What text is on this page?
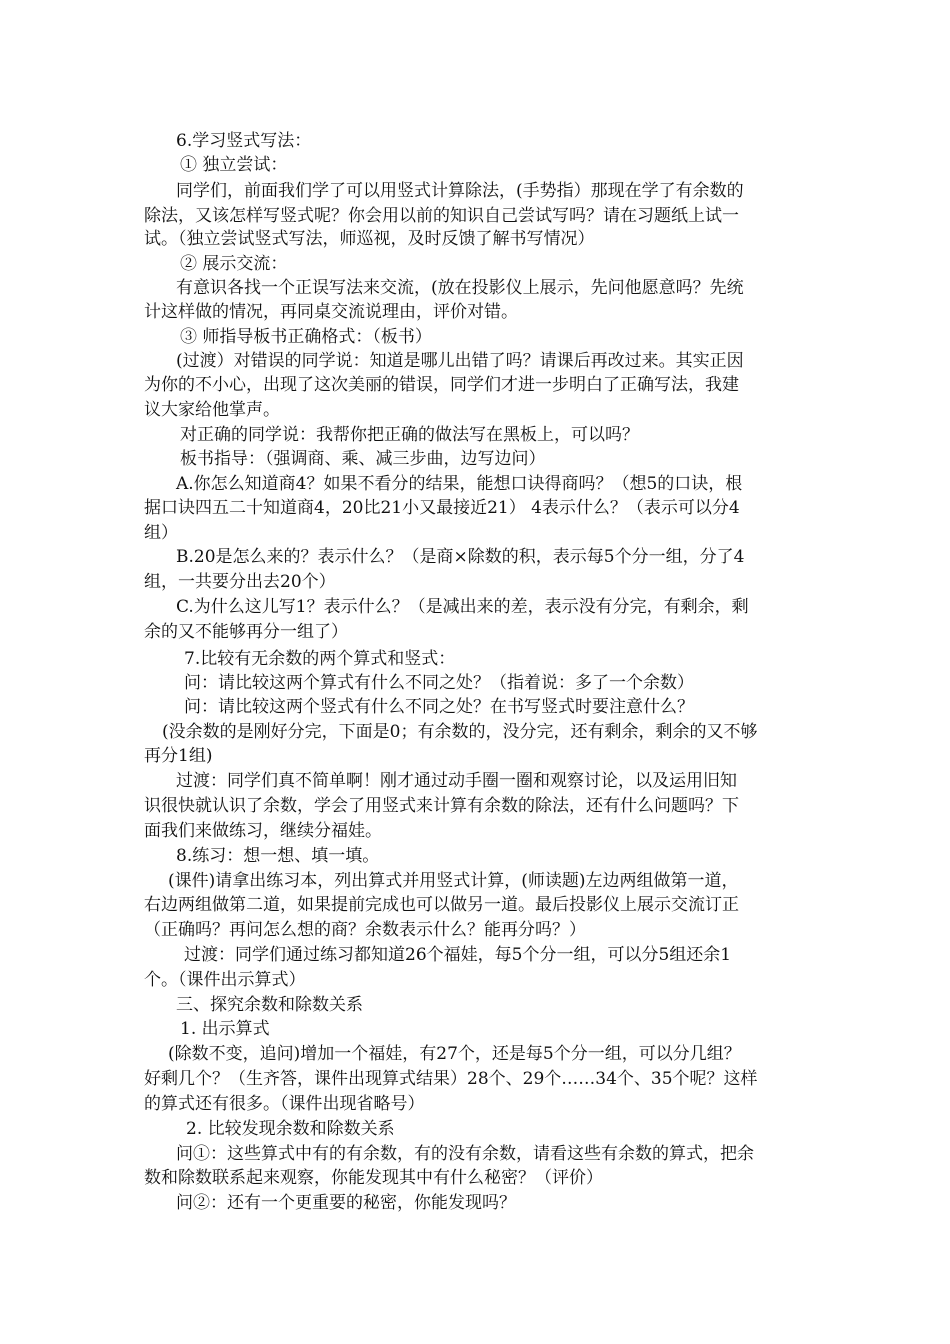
6.学习竖式写法：
① 独立尝试：
同学们，前面我们学了可以用竖式计算除法，(手势指）那现在学了有余数的
除法，又该怎样写竖式呢？你会用以前的知识自己尝试写吗？请在习题纸上试一
试。（独立尝试竖式写法，师巡视，及时反馈了解书写情况）
② 展示交流：
有意识各找一个正误写法来交流，(放在投影仪上展示，先问他愿意吗？先统
计这样做的情况，再同桌交流说理由，评价对错。
③ 师指导板书正确格式：（板书）
(过渡）对错误的同学说：知道是哪儿出错了吗？请课后再改过来。其实正因
为你的不小心，出现了这次美丽的错误，同学们才进一步明白了正确写法，我建
议大家给他掌声。
对正确的同学说：我帮你把正确的做法写在黑板上，可以吗？
板书指导：（强调商、乘、减三步曲，边写边问）
A.你怎么知道商4？如果不看分的结果，能想口诀得商吗？（想5的口诀，根
据口诀四五二十知道商4，20比21小又最接近21） 4表示什么？（表示可以分4
组）
B.20是怎么来的？表示什么？（是商×除数的积，表示每5个分一组，分了4
组，一共要分出去20个）
C.为什么这儿写1？表示什么？（是减出来的差，表示没有分完，有剩余，剩
余的又不能够再分一组了）
7.比较有无余数的两个算式和竖式：
问：请比较这两个算式有什么不同之处？（指着说：多了一个余数）
问：请比较这两个竖式有什么不同之处？在书写竖式时要注意什么？
(没余数的是刚好分完，下面是0；有余数的，没分完，还有剩余，剩余的又不够
再分1组)
过渡：同学们真不简单啊！刚才通过动手圈一圈和观察讨论，以及运用旧知
识很快就认识了余数，学会了用竖式来计算有余数的除法，还有什么问题吗？下
面我们来做练习，继续分福娃。
8.练习：想一想、填一填。
(课件)请拿出练习本，列出算式并用竖式计算，(师读题)左边两组做第一道，
右边两组做第二道，如果提前完成也可以做另一道。最后投影仪上展示交流订正
（正确吗？再问怎么想的商？余数表示什么？能再分吗？）
过渡：同学们通过练习都知道26个福娃，每5个分一组，可以分5组还余1
个。（课件出示算式）
三、探究余数和除数关系
1. 出示算式
(除数不变，追问)增加一个福娃，有27个，还是每5个分一组，可以分几组？
好剩几个？（生齐答，课件出现算式结果）28个、29个……34个、35个呢？这样
的算式还有很多。（课件出现省略号）
2. 比较发现余数和除数关系
问①：这些算式中有的有余数，有的没有余数，请看这些有余数的算式，把余
数和除数联系起来观察，你能发现其中有什么秘密？（评价）
问②：还有一个更重要的秘密，你能发现吗？
